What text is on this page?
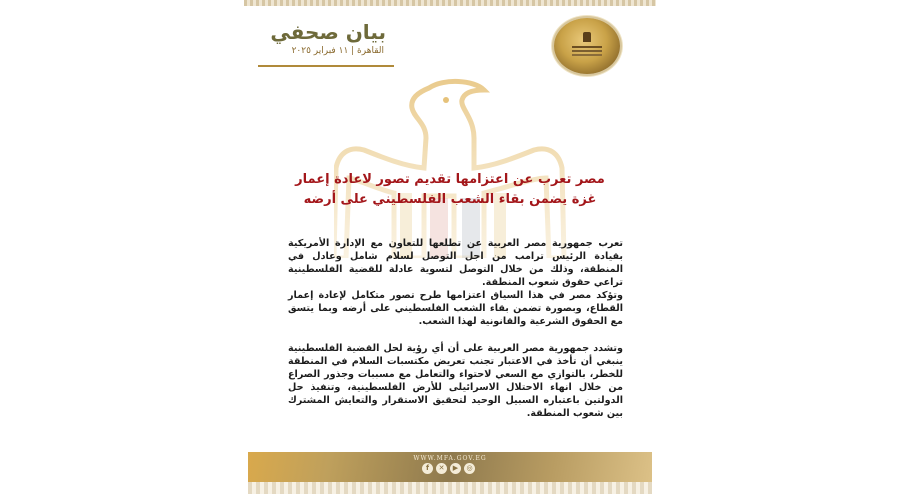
بيان صحفي
القاهرة | ١١ فبراير ٢٠٢٥
مصر تعرب عن اعتزامها تقديم تصور لاعادة إعمار
غزة يضمن بقاء الشعب الفلسطيني على أرضه
تعرب جمهورية مصر العربية عن تطلعها للتعاون مع الإدارة الأمريكية بقيادة الرئيس ترامب من اجل التوصل لسلام شامل وعادل في المنطقة، وذلك من خلال التوصل لتسوية عادلة للقضية الفلسطينية تراعي حقوق شعوب المنطقة.
وتؤكد مصر في هذا السياق اعتزامها طرح تصور متكامل لإعادة إعمار القطاع، وبصورة تضمن بقاء الشعب الفلسطيني على أرضه وبما يتسق مع الحقوق الشرعية والقانونية لهذا الشعب.
وتشدد جمهورية مصر العربية على أن أي رؤية لحل القضية الفلسطينية ينبغي أن تأخذ في الاعتبار تجنب تعريض مكتسبات السلام في المنطقة للخطر، بالتوازي مع السعي لاحتواء والتعامل مع مسببات وجذور الصراع من خلال انهاء الاحتلال الاسرائيلى للأرض الفلسطينية، وتنفيذ حل الدولتين باعتباره السبيل الوحيد لتحقيق الاستقرار والتعايش المشترك بين شعوب المنطقة.
WWW.MFA.GOV.EG
f	✕	▶	◎
